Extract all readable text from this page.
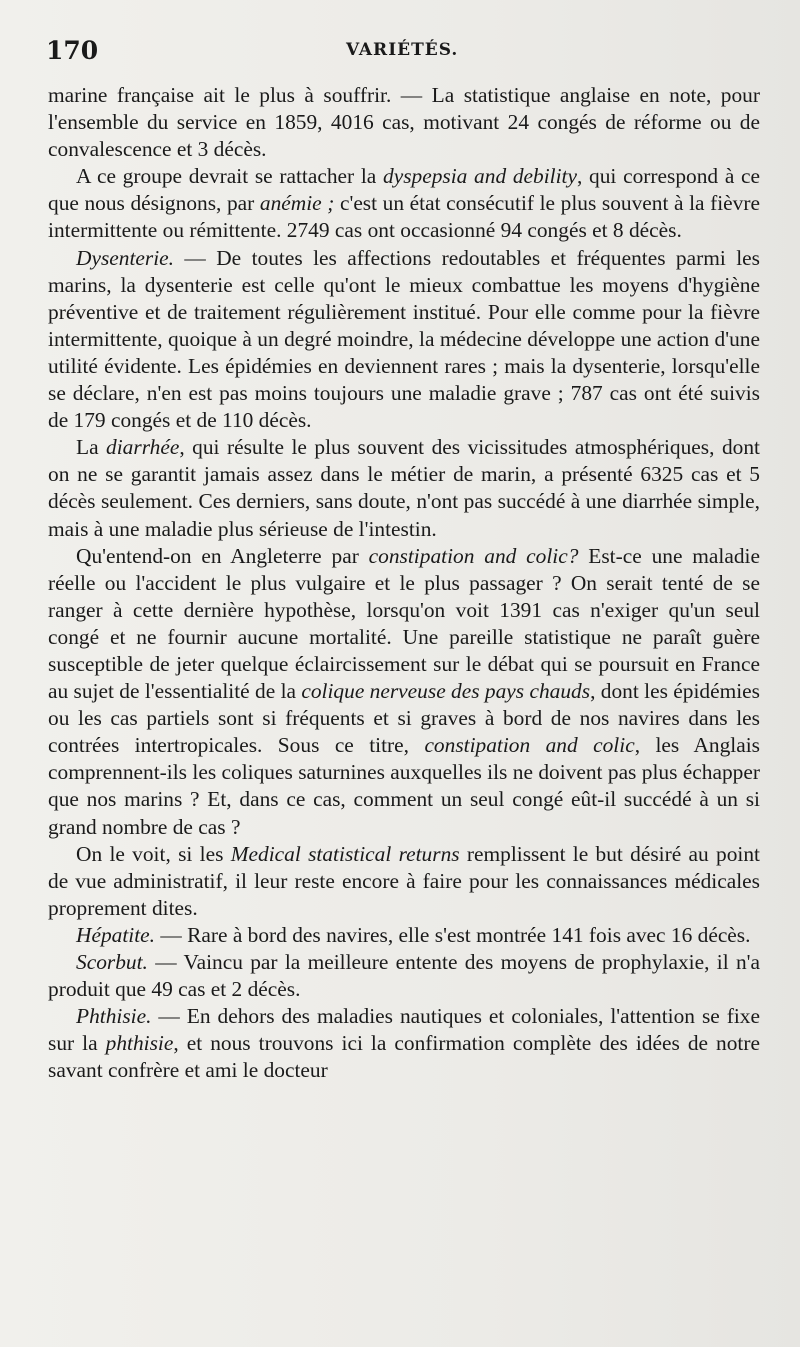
170	VARIÉTÉS.

marine française ait le plus à souffrir. — La statistique anglaise en note, pour l'ensemble du service en 1859, 4016 cas, motivant 24 congés de réforme ou de convalescence et 3 décès.

A ce groupe devrait se rattacher la dyspepsia and debility, qui correspond à ce que nous désignons, par anémie ; c'est un état consécutif le plus souvent à la fièvre intermittente ou rémittente. 2749 cas ont occasionné 94 congés et 8 décès.

Dysenterie. — De toutes les affections redoutables et fréquentes parmi les marins, la dysenterie est celle qu'ont le mieux combattue les moyens d'hygiène préventive et de traitement régulièrement institué. Pour elle comme pour la fièvre intermittente, quoique à un degré moindre, la médecine développe une action d'une utilité évidente. Les épidémies en deviennent rares ; mais la dysenterie, lorsqu'elle se déclare, n'en est pas moins toujours une maladie grave ; 787 cas ont été suivis de 179 congés et de 110 décès.

La diarrhée, qui résulte le plus souvent des vicissitudes atmosphériques, dont on ne se garantit jamais assez dans le métier de marin, a présenté 6325 cas et 5 décès seulement. Ces derniers, sans doute, n'ont pas succédé à une diarrhée simple, mais à une maladie plus sérieuse de l'intestin.

Qu'entend-on en Angleterre par constipation and colic? Est-ce une maladie réelle ou l'accident le plus vulgaire et le plus passager ? On serait tenté de se ranger à cette dernière hypothèse, lorsqu'on voit 1391 cas n'exiger qu'un seul congé et ne fournir aucune mortalité. Une pareille statistique ne paraît guère susceptible de jeter quelque éclaircissement sur le débat qui se poursuit en France au sujet de l'essentialité de la colique nerveuse des pays chauds, dont les épidémies ou les cas partiels sont si fréquents et si graves à bord de nos navires dans les contrées intertropicales. Sous ce titre, constipation and colic, les Anglais comprennent-ils les coliques saturnines auxquelles ils ne doivent pas plus échapper que nos marins ? Et, dans ce cas, comment un seul congé eût-il succédé à un si grand nombre de cas ?

On le voit, si les Medical statistical returns remplissent le but désiré au point de vue administratif, il leur reste encore à faire pour les connaissances médicales proprement dites.

Hépatite. — Rare à bord des navires, elle s'est montrée 141 fois avec 16 décès.

Scorbut. — Vaincu par la meilleure entente des moyens de prophylaxie, il n'a produit que 49 cas et 2 décès.

Phthisie. — En dehors des maladies nautiques et coloniales, l'attention se fixe sur la phthisie, et nous trouvons ici la confirmation complète des idées de notre savant confrère et ami le docteur
